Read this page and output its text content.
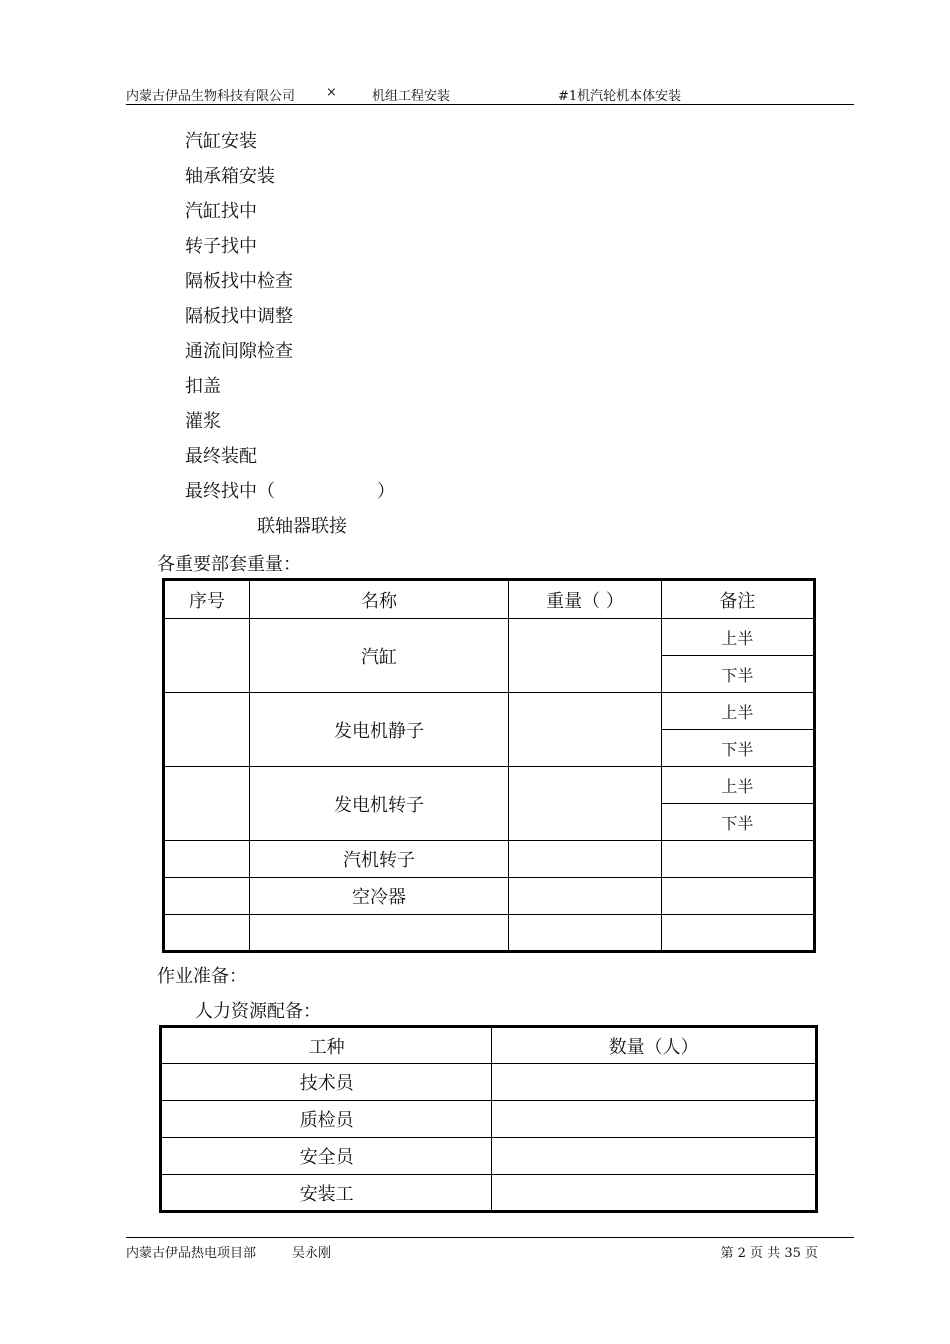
内蒙古伊品生物科技有限公司 ×	机组工程安装	#1机汽轮机本体安装
汽缸安装
轴承箱安装
汽缸找中
转子找中
隔板找中检查
隔板找中调整
通流间隙检查
扣盖
灌浆
最终装配
最终找中（	）
联轴器联接
各重要部套重量：
序号	名称	重量（ ）	备注
	汽缸		上半
			下半
	发电机静子		上半
			下半
	发电机转子		上半
			下半
	汽机转子		
	空冷器		

作业准备：
人力资源配备：
工种	数量（人）
技术员	
质检员	
安全员	
安装工	
内蒙古伊品热电项目部	吴永刚	第 2 页 共 35 页
